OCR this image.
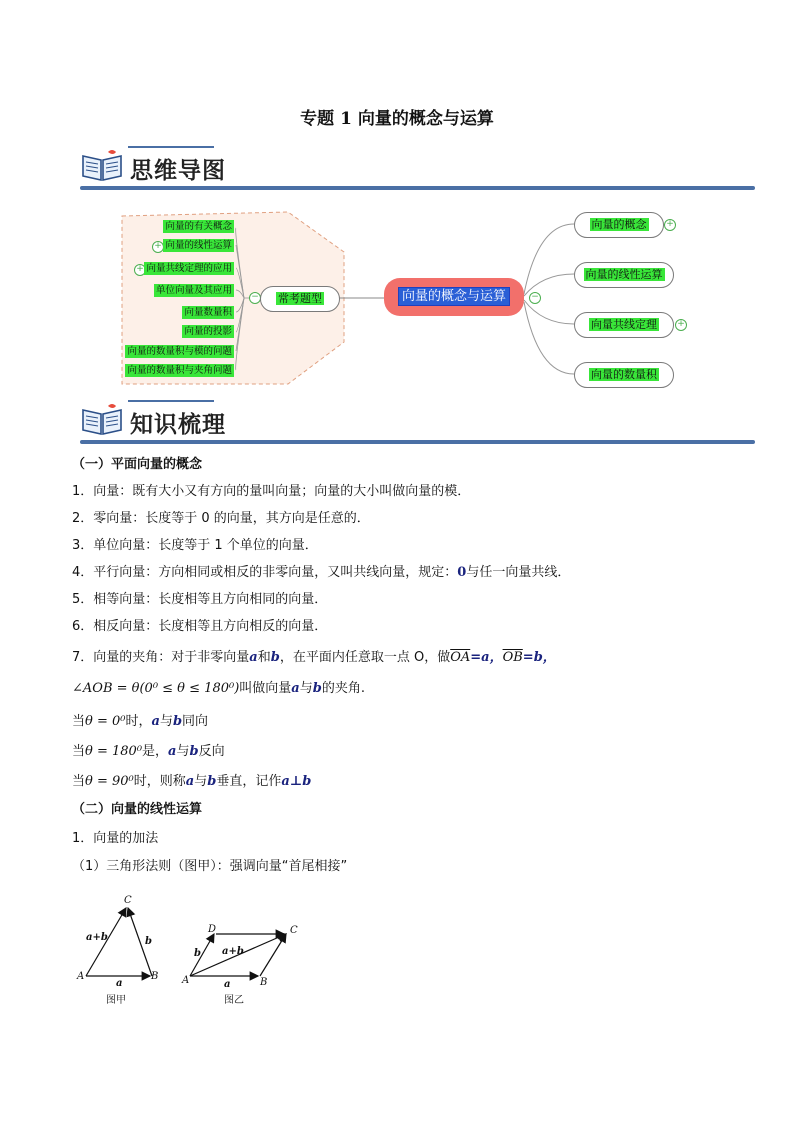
专题 1 向量的概念与运算
思维导图
向量的有关概念
+ 向量的线性运算
+ 向量共线定理的应用
单位向量及其应用
向量数量积
向量的投影
向量的数量积与模的问题
向量的数量积与夹角问题
−	常考题型	向量的概念与运算	−
向量的概念	+
向量的线性运算
向量共线定理	+
向量的数量积
知识梳理
（一）平面向量的概念
1．向量：既有大小又有方向的量叫向量；向量的大小叫做向量的模．
2．零向量：长度等于 0 的向量，其方向是任意的．
3．单位向量：长度等于 1 个单位的向量．
4．平行向量：方向相同或相反的非零向量，又叫共线向量，规定：0与任一向量共线．
5．相等向量：长度相等且方向相同的向量．
6．相反向量：长度相等且方向相反的向量．
7．向量的夹角：对于非零向量a和b，在平面内任意取一点 O，做$\overline{OA}=a$，$\overline{OB}=b$，
∠AOB = θ(0⁰ ≤ θ ≤ 180⁰)叫做向量a与b的夹角.
当θ = 0⁰时，a与b同向
当θ = 180⁰是，a与b反向
当θ = 90⁰时，则称a与b垂直，记作a⊥b
（二）向量的线性运算
1．向量的加法
（1）三角形法则（图甲）：强调向量“首尾相接”
A	B
C
a+b	b
a
图甲
A	B
C
D
a+b
b
a
图乙
